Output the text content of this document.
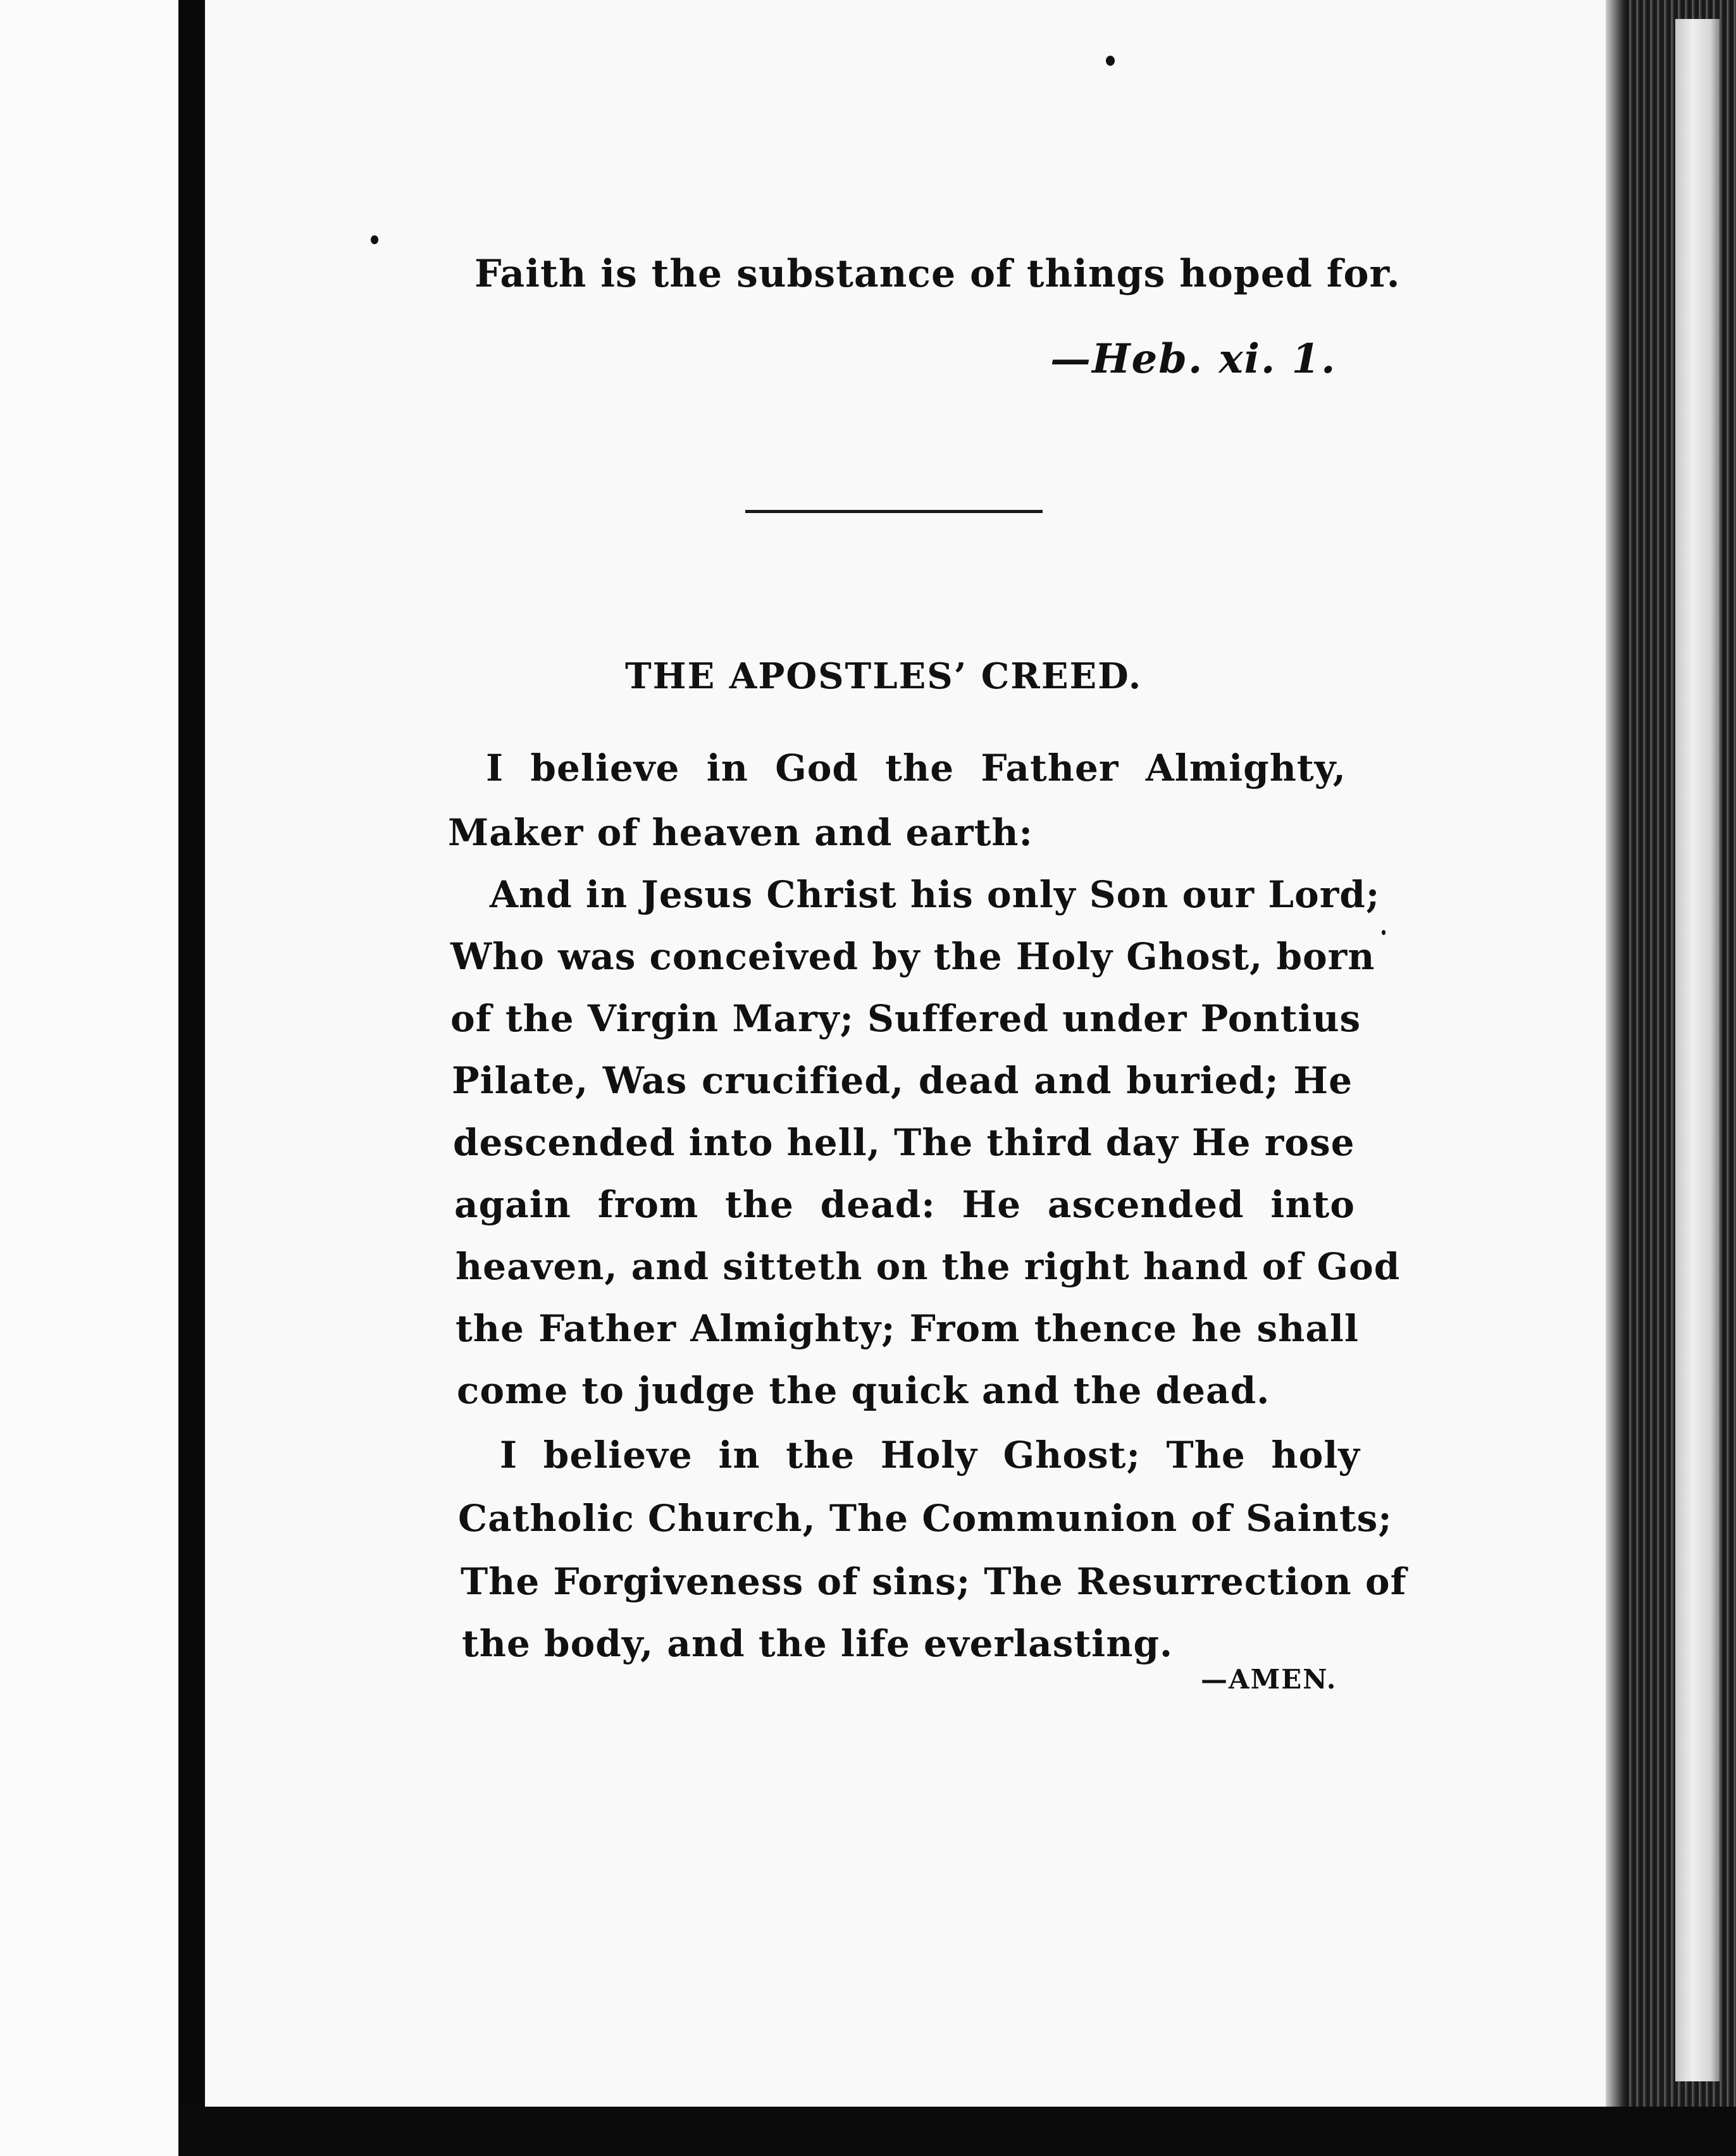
Faith is the substance of things hoped for.
—Heb. xi. 1.
THE APOSTLES’ CREED.
I believe in God the Father Almighty,
Maker of heaven and earth:
And in Jesus Christ his only Son our Lord;
Who was conceived by the Holy Ghost, born
of the Virgin Mary; Suffered under Pontius
Pilate, Was crucified, dead and buried; He
descended into hell, The third day He rose
again from the dead: He ascended into
heaven, and sitteth on the right hand of God
the Father Almighty; From thence he shall
come to judge the quick and the dead.
I believe in the Holy Ghost; The holy
Catholic Church, The Communion of Saints;
The Forgiveness of sins; The Resurrection of
the body, and the life everlasting.
—AMEN.
